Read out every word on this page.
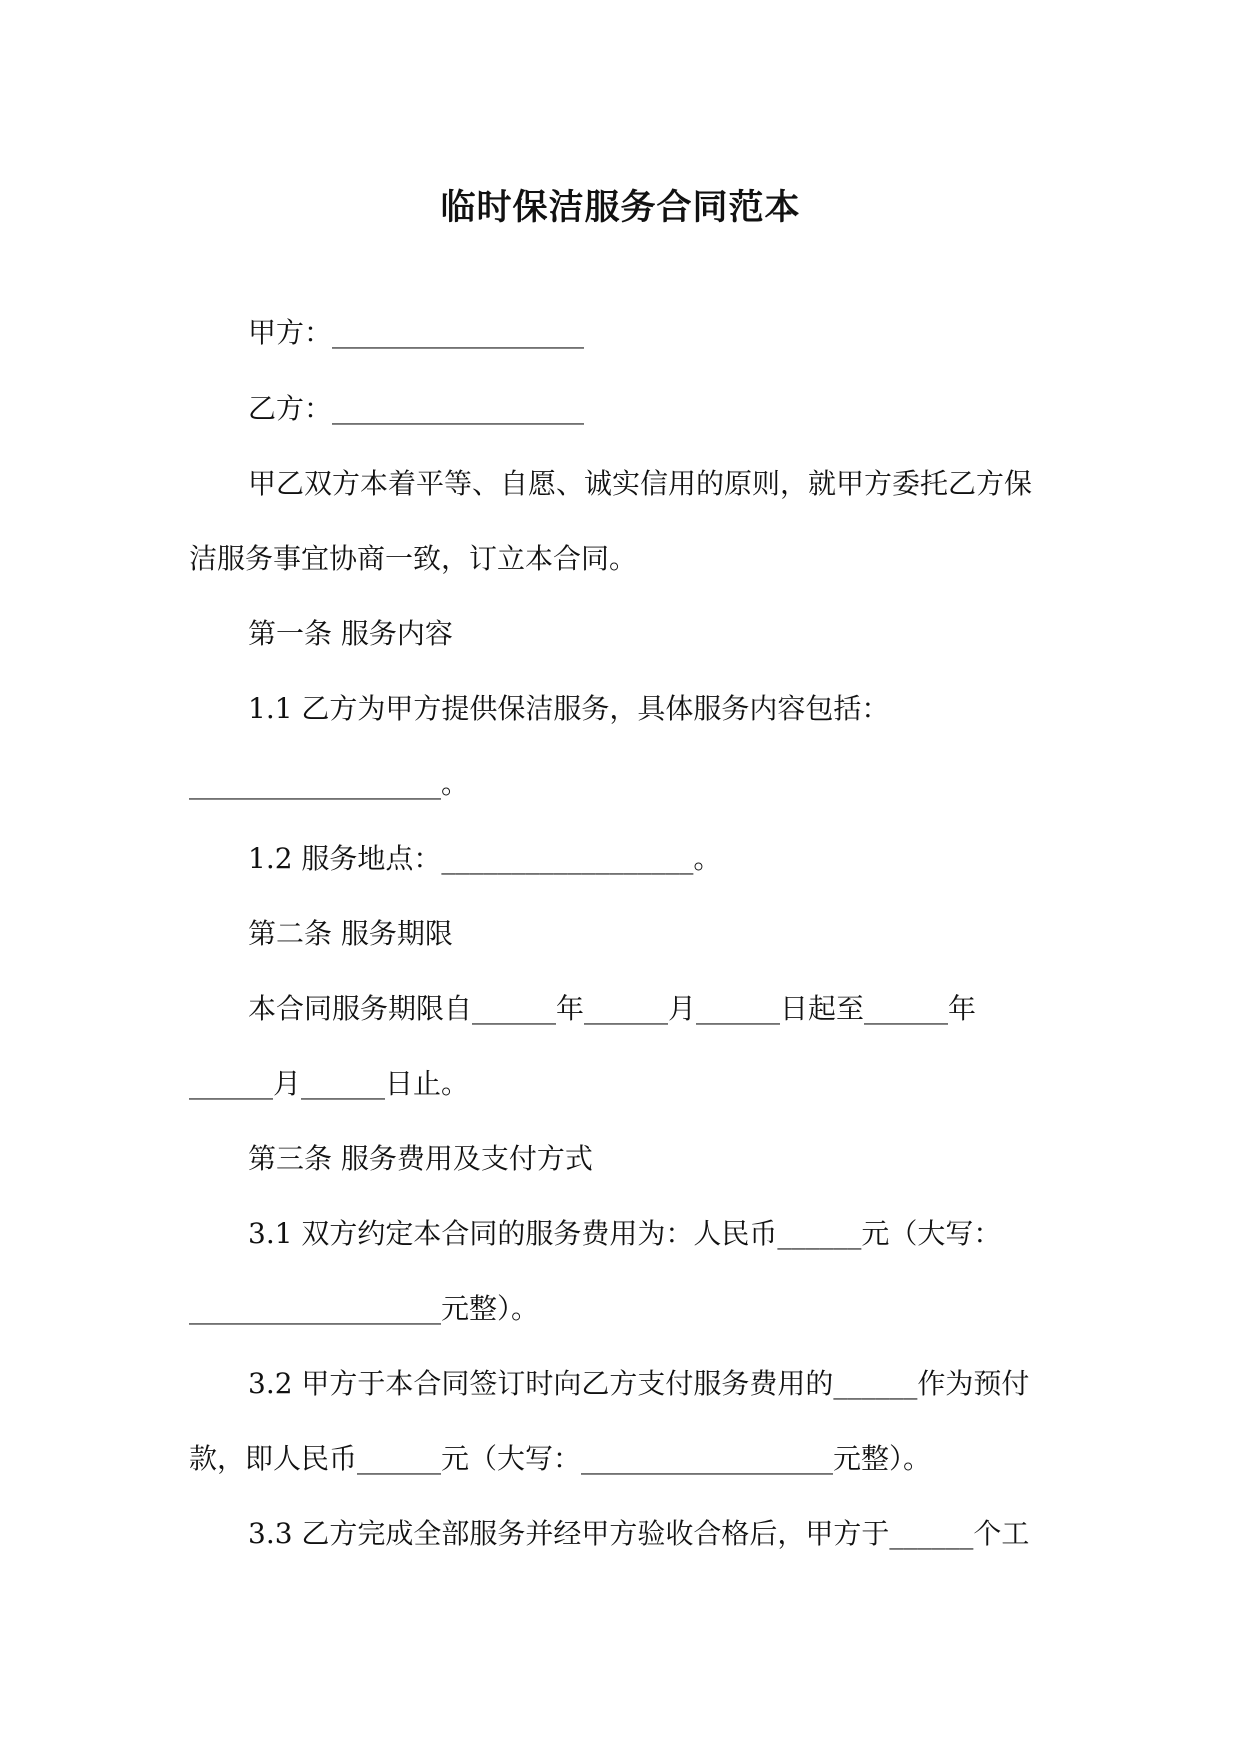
临时保洁服务合同范本
甲方：__________________
乙方：__________________
甲乙双方本着平等、自愿、诚实信用的原则，就甲方委托乙方保
洁服务事宜协商一致，订立本合同。
第一条 服务内容
1.1 乙方为甲方提供保洁服务，具体服务内容包括：
__________________。
1.2 服务地点：__________________。
第二条 服务期限
本合同服务期限自______年______月______日起至______年
______月______日止。
第三条 服务费用及支付方式
3.1 双方约定本合同的服务费用为：人民币______元（大写：
__________________元整）。
3.2 甲方于本合同签订时向乙方支付服务费用的______作为预付
款，即人民币______元（大写：__________________元整）。
3.3 乙方完成全部服务并经甲方验收合格后，甲方于______个工
